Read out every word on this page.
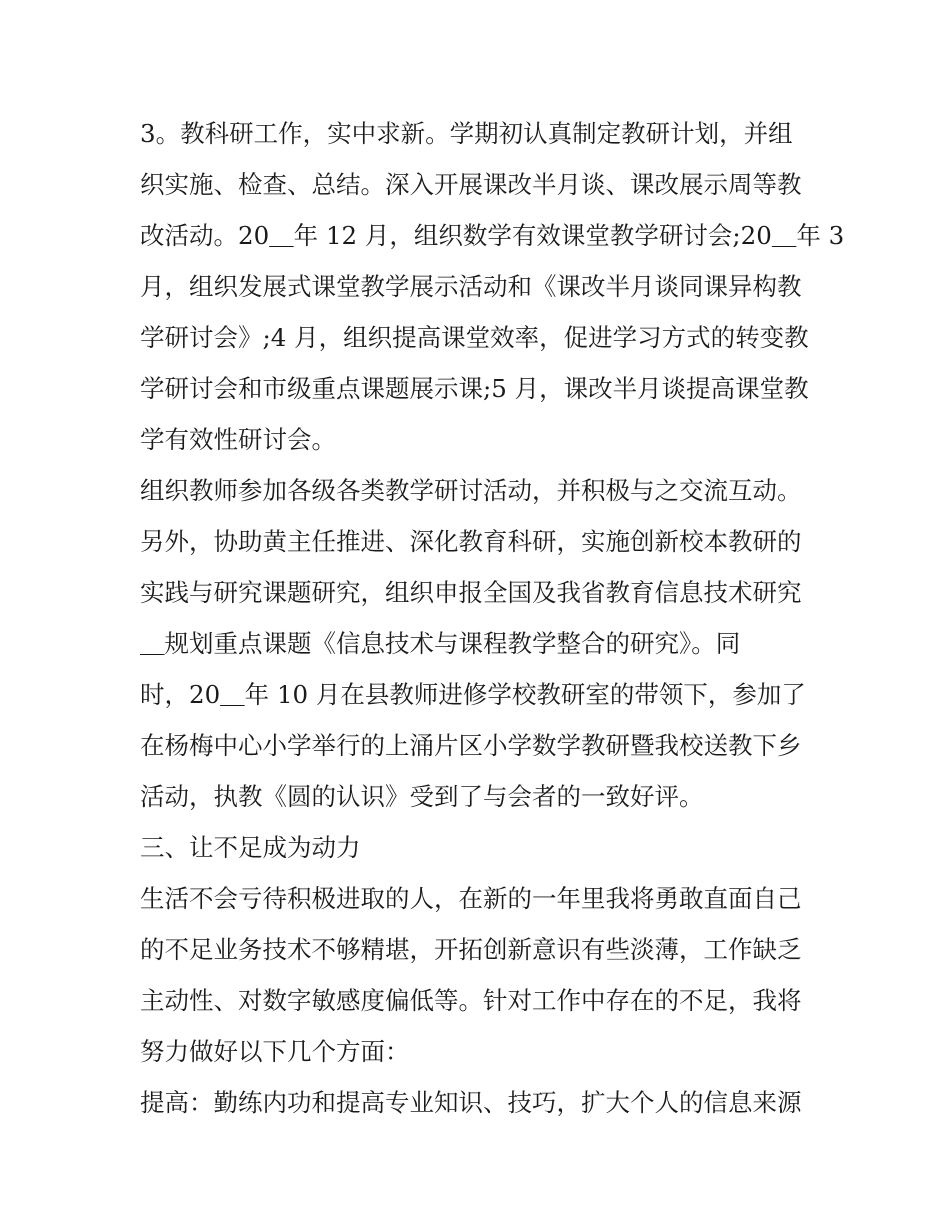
3。教科研工作，实中求新。学期初认真制定教研计划，并组
织实施、检查、总结。深入开展课改半月谈、课改展示周等教
改活动。20＿年 12 月，组织数学有效课堂教学研讨会;20＿年 3
月，组织发展式课堂教学展示活动和《课改半月谈同课异构教
学研讨会》;4 月，组织提高课堂效率，促进学习方式的转变教
学研讨会和市级重点课题展示课;5 月，课改半月谈提高课堂教
学有效性研讨会。
组织教师参加各级各类教学研讨活动，并积极与之交流互动。
另外，协助黄主任推进、深化教育科研，实施创新校本教研的
实践与研究课题研究，组织申报全国及我省教育信息技术研究
＿规划重点课题《信息技术与课程教学整合的研究》。同
时，20＿年 10 月在县教师进修学校教研室的带领下，参加了
在杨梅中心小学举行的上涌片区小学数学教研暨我校送教下乡
活动，执教《圆的认识》受到了与会者的一致好评。
三、让不足成为动力
生活不会亏待积极进取的人，在新的一年里我将勇敢直面自己
的不足业务技术不够精堪，开拓创新意识有些淡薄，工作缺乏
主动性、对数字敏感度偏低等。针对工作中存在的不足，我将
努力做好以下几个方面：
提高：勤练内功和提高专业知识、技巧，扩大个人的信息来源
